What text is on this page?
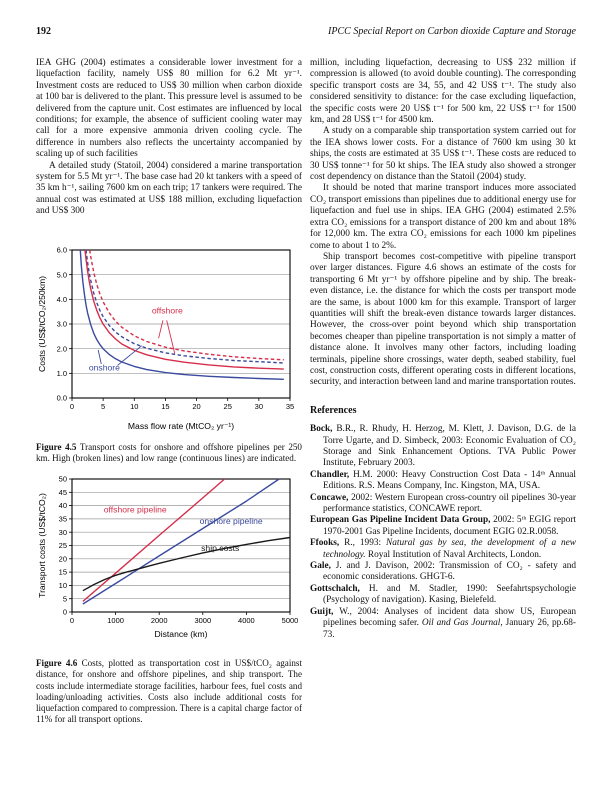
192	IPCC Special Report on Carbon dioxide Capture and Storage

IEA GHG (2004) estimates a considerable lower investment for a liquefaction facility, namely US$ 80 million for 6.2 Mt yr⁻¹. Investment costs are reduced to US$ 30 million when carbon dioxide at 100 bar is delivered to the plant. This pressure level is assumed to be delivered from the capture unit. Cost estimates are influenced by local conditions; for example, the absence of sufficient cooling water may call for a more expensive ammonia driven cooling cycle. The difference in numbers also reflects the uncertainty accompanied by scaling up of such facilities

A detailed study (Statoil, 2004) considered a marine transportation system for 5.5 Mt yr⁻¹. The base case had 20 kt tankers with a speed of 35 km h⁻¹, sailing 7600 km on each trip; 17 tankers were required. The annual cost was estimated at US$ 188 million, excluding liquefaction and US$ 300

0	5	10	15	20	25	30	35
0.0
1.0
2.0
3.0
4.0
5.0
6.0
offshore
onshore
Mass flow rate (MtCO₂ yr⁻¹)
Costs (US$/tCO₂/250km)
Figure 4.5 Transport costs for onshore and offshore pipelines per 250 km. High (broken lines) and low range (continuous lines) are indicated.
0	1000	2000	3000	4000	5000
0
5
10
15
20
25
30
35
40
45
50
offshore pipeline
onshore pipeline
ship costs
Distance (km)
Transport costs (US$/tCO₂)
Figure 4.6 Costs, plotted as transportation cost in US$/tCO₂ against distance, for onshore and offshore pipelines, and ship transport. The costs include intermediate storage facilities, harbour fees, fuel costs and loading/unloading activities. Costs also include additional costs for liquefaction compared to compression. There is a capital charge factor of 11% for all transport options.

million, including liquefaction, decreasing to US$ 232 million if compression is allowed (to avoid double counting). The corresponding specific transport costs are 34, 55, and 42 US$ t⁻¹. The study also considered sensitivity to distance: for the case excluding liquefaction, the specific costs were 20 US$ t⁻¹ for 500 km, 22 US$ t⁻¹ for 1500 km, and 28 US$ t⁻¹ for 4500 km.

A study on a comparable ship transportation system carried out for the IEA shows lower costs. For a distance of 7600 km using 30 kt ships, the costs are estimated at 35 US$ t⁻¹. These costs are reduced to 30 US$ tonne⁻¹ for 50 kt ships. The IEA study also showed a stronger cost dependency on distance than the Statoil (2004) study.

It should be noted that marine transport induces more associated CO₂ transport emissions than pipelines due to additional energy use for liquefaction and fuel use in ships. IEA GHG (2004) estimated 2.5% extra CO₂ emissions for a transport distance of 200 km and about 18% for 12,000 km. The extra CO₂ emissions for each 1000 km pipelines come to about 1 to 2%.

Ship transport becomes cost-competitive with pipeline transport over larger distances. Figure 4.6 shows an estimate of the costs for transporting 6 Mt yr⁻¹ by offshore pipeline and by ship. The break-even distance, i.e. the distance for which the costs per transport mode are the same, is about 1000 km for this example. Transport of larger quantities will shift the break-even distance towards larger distances. However, the cross-over point beyond which ship transportation becomes cheaper than pipeline transportation is not simply a matter of distance alone. It involves many other factors, including loading terminals, pipeline shore crossings, water depth, seabed stability, fuel cost, construction costs, different operating costs in different locations, security, and interaction between land and marine transportation routes.

References
Bock, B.R., R. Rhudy, H. Herzog, M. Klett, J. Davison, D.G. de la Torre Ugarte, and D. Simbeck, 2003: Economic Evaluation of CO₂ Storage and Sink Enhancement Options. TVA Public Power Institute, February 2003.
Chandler, H.M. 2000: Heavy Construction Cost Data - 14ᵗʰ Annual Editions. R.S. Means Company, Inc. Kingston, MA, USA.
Concawe, 2002: Western European cross-country oil pipelines 30-year performance statistics, CONCAWE report.
European Gas Pipeline Incident Data Group, 2002: 5ᵗʰ EGIG report 1970-2001 Gas Pipeline Incidents, document EGIG 02.R.0058.
Ffooks, R., 1993: Natural gas by sea, the development of a new technology. Royal Institution of Naval Architects, London.
Gale, J. and J. Davison, 2002: Transmission of CO₂ - safety and economic considerations. GHGT-6.
Gottschalch, H. and M. Stadler, 1990: Seefahrtspsychologie (Psychology of navigation). Kasing, Bielefeld.
Guijt, W., 2004: Analyses of incident data show US, European pipelines becoming safer. Oil and Gas Journal, January 26, pp.68-73.
